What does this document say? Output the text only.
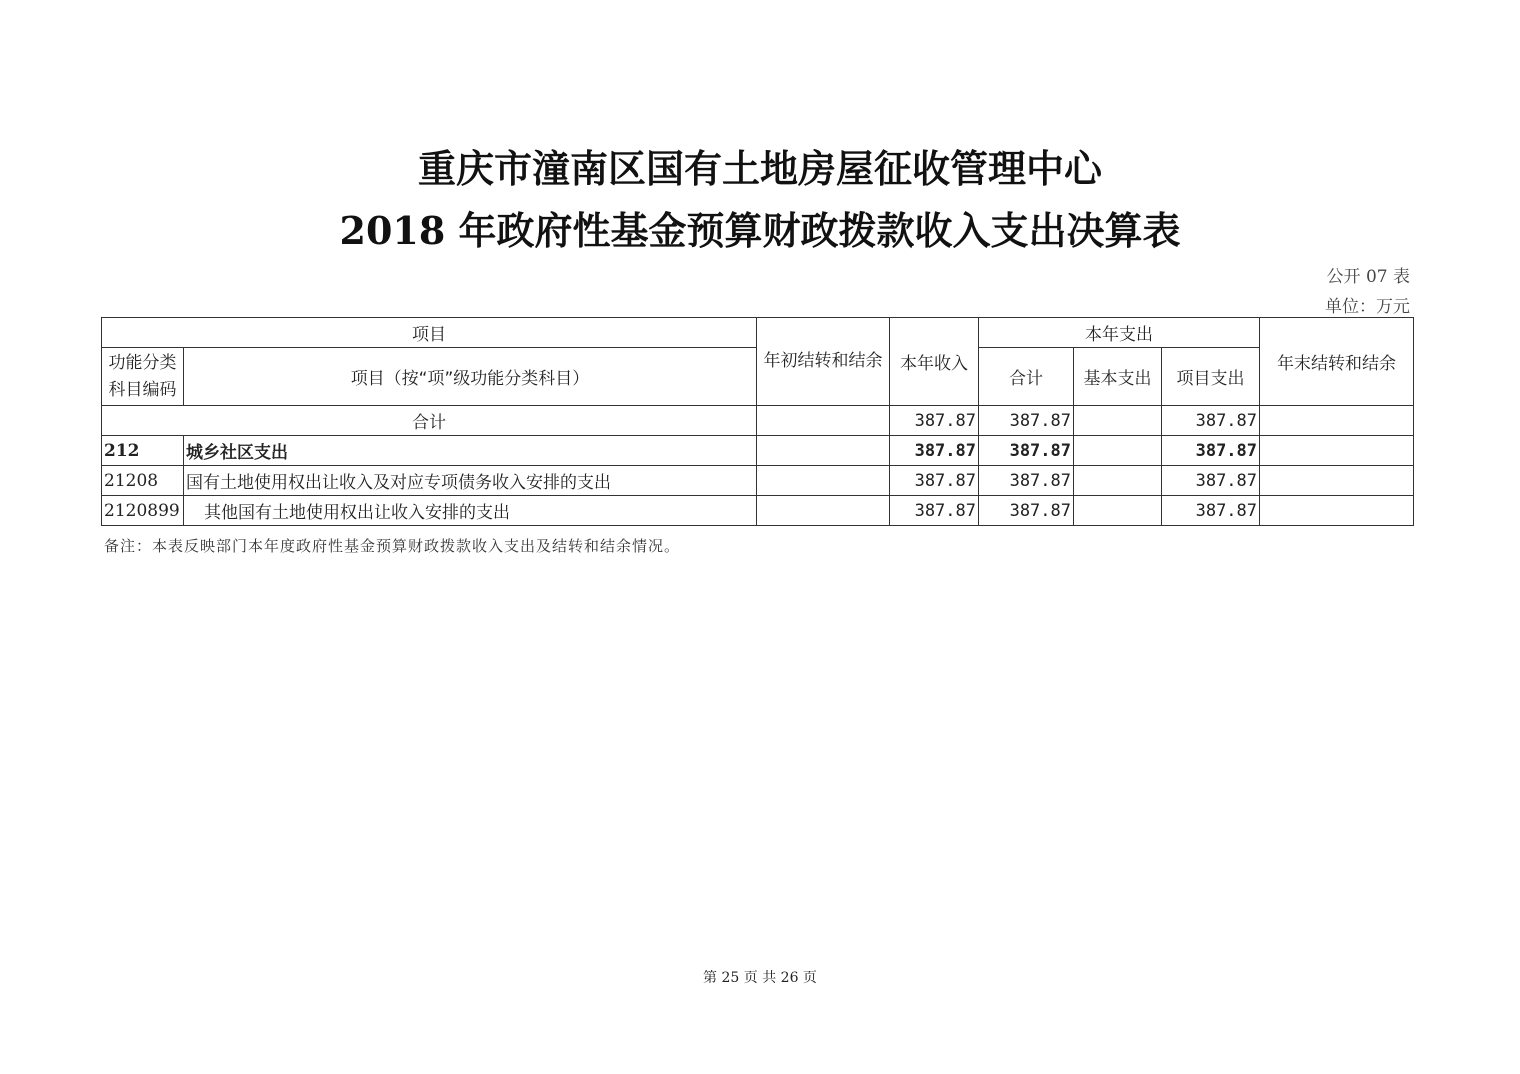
重庆市潼南区国有土地房屋征收管理中心
2018 年政府性基金预算财政拨款收入支出决算表
公开 07 表
单位：万元
项目		年初结转和结余	本年收入	本年支出			年末结转和结余
功能分类科目编码	项目（按“项”级功能分类科目）			合计	基本支出	项目支出	
合计			387.87	387.87		387.87	
212	城乡社区支出		387.87	387.87		387.87	
21208	国有土地使用权出让收入及对应专项债务收入安排的支出		387.87	387.87		387.87	
2120899	其他国有土地使用权出让收入安排的支出		387.87	387.87		387.87	
备注：本表反映部门本年度政府性基金预算财政拨款收入支出及结转和结余情况。
第 25 页 共 26 页
